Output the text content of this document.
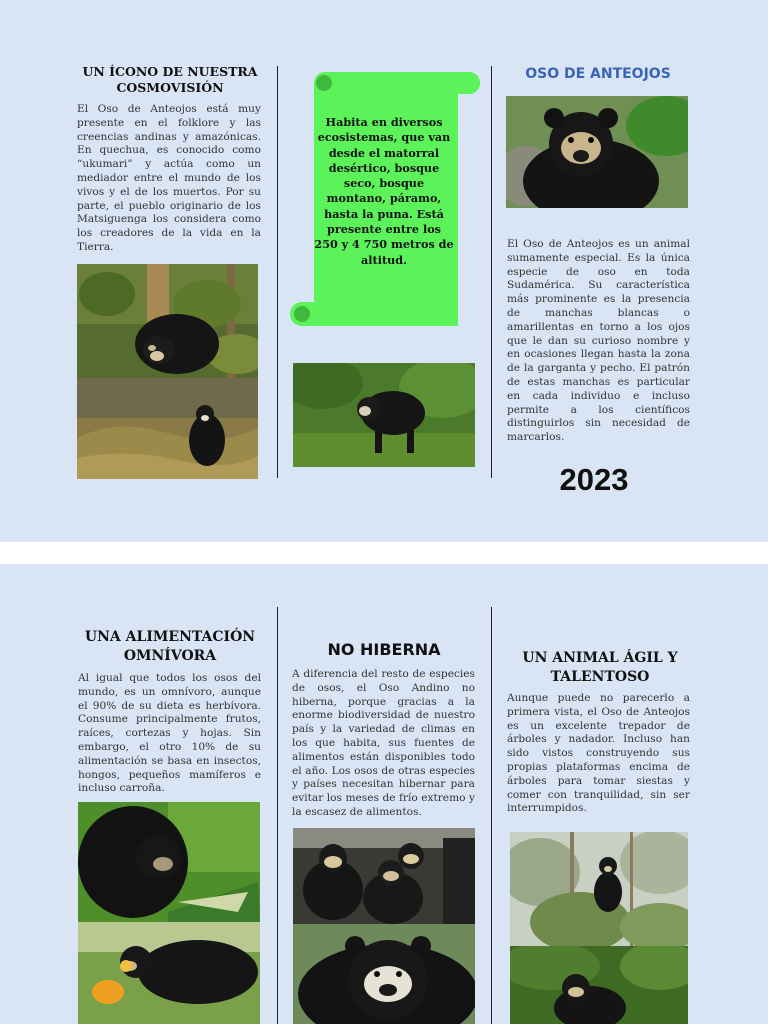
UN ÍCONO DE NUESTRA COSMOVISIÓN

El Oso de Anteojos está muy presente en el folklore y las creencias andinas y amazónicas. En quechua, es conocido como “ukumari” y actúa como un mediador entre el mundo de los vivos y el de los muertos. Por su parte, el pueblo originario de los Matsiguenga los considera como los creadores de la vida en la Tierra.

Habita en diversos ecosistemas, que van desde el matorral desértico, bosque seco, bosque montano, páramo, hasta la puna. Está presente entre los 250 y 4 750 metros de altitud.

OSO DE ANTEOJOS

El Oso de Anteojos es un animal sumamente especial. Es la única especie de oso en toda Sudamérica. Su característica más prominente es la presencia de manchas blancas o amarillentas en torno a los ojos que le dan su curioso nombre y en ocasiones llegan hasta la zona de la garganta y pecho. El patrón de estas manchas es particular en cada individuo e incluso permite a los científicos distinguirlos sin necesidad de marcarlos.

2023
UNA ALIMENTACIÓN OMNÍVORA

Al igual que todos los osos del mundo, es un omnívoro, aunque el 90% de su dieta es herbívora. Consume principalmente frutos, raíces, cortezas y hojas. Sin embargo, el otro 10% de su alimentación se basa en insectos, hongos, pequeños mamíferos e incluso carroña.

NO HIBERNA

A diferencia del resto de especies de osos, el Oso Andino no hiberna, porque gracias a la enorme biodiversidad de nuestro país y la variedad de climas en los que habita, sus fuentes de alimentos están disponibles todo el año. Los osos de otras especies y países necesitan hibernar para evitar los meses de frío extremo y la escasez de alimentos.

UN ANIMAL ÁGIL Y TALENTOSO

Aunque puede no parecerlo a primera vista, el Oso de Anteojos es un excelente trepador de árboles y nadador. Incluso han sido vistos construyendo sus propias plataformas encima de árboles para tomar siestas y comer con tranquilidad, sin ser interrumpidos.
